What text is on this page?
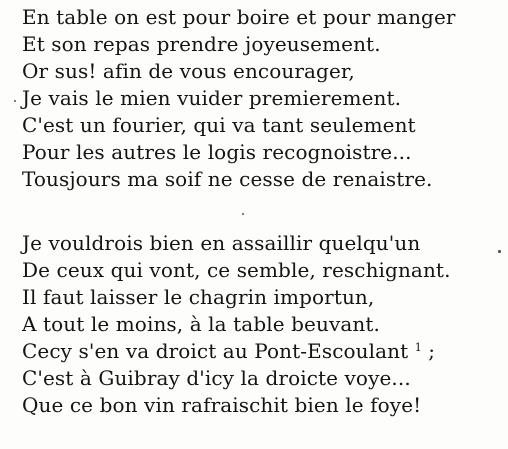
En table on est pour boire et pour manger
Et son repas prendre joyeusement.
Or sus! afin de vous encourager,
Je vais le mien vuider premierement.
C'est un fourier, qui va tant seulement
Pour les autres le logis recognoistre...
Tousjours ma soif ne cesse de renaistre.
Je vouldrois bien en assaillir quelqu'un
De ceux qui vont, ce semble, reschignant.
Il faut laisser le chagrin importun,
A tout le moins, à la table beuvant.
Cecy s'en va droict au Pont-Escoulant $^1$ ;
C'est à Guibray d'icy la droicte voye...
Que ce bon vin rafraischit bien le foye!
